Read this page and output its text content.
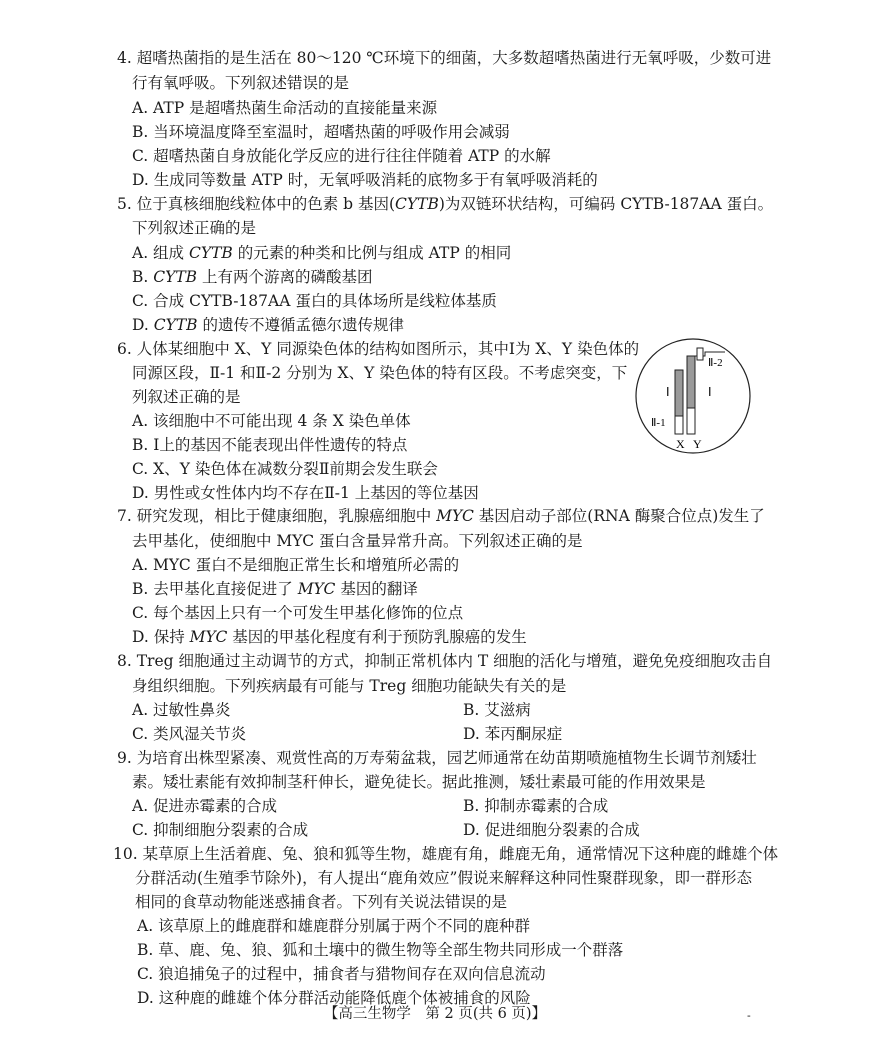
4. 超嗜热菌指的是生活在 80～120 ℃环境下的细菌，大多数超嗜热菌进行无氧呼吸，少数可进
行有氧呼吸。下列叙述错误的是
A. ATP 是超嗜热菌生命活动的直接能量来源
B. 当环境温度降至室温时，超嗜热菌的呼吸作用会减弱
C. 超嗜热菌自身放能化学反应的进行往往伴随着 ATP 的水解
D. 生成同等数量 ATP 时，无氧呼吸消耗的底物多于有氧呼吸消耗的
5. 位于真核细胞线粒体中的色素 b 基因(CYTB)为双链环状结构，可编码 CYTB-187AA 蛋白。
下列叙述正确的是
A. 组成 CYTB 的元素的种类和比例与组成 ATP 的相同
B. CYTB 上有两个游离的磷酸基团
C. 合成 CYTB-187AA 蛋白的具体场所是线粒体基质
D. CYTB 的遗传不遵循孟德尔遗传规律
6. 人体某细胞中 X、Y 同源染色体的结构如图所示，其中Ⅰ为 X、Y 染色体的
同源区段，Ⅱ-1 和Ⅱ-2 分别为 X、Y 染色体的特有区段。不考虑突变，下
列叙述正确的是
A. 该细胞中不可能出现 4 条 X 染色单体
B. Ⅰ上的基因不能表现出伴性遗传的特点
C. X、Y 染色体在减数分裂Ⅱ前期会发生联会
D. 男性或女性体内均不存在Ⅱ-1 上基因的等位基因
Ⅰ	Ⅰ
Ⅱ-1
Ⅱ-2
X Y
7. 研究发现，相比于健康细胞，乳腺癌细胞中 MYC 基因启动子部位(RNA 酶聚合位点)发生了
去甲基化，使细胞中 MYC 蛋白含量异常升高。下列叙述正确的是
A. MYC 蛋白不是细胞正常生长和增殖所必需的
B. 去甲基化直接促进了 MYC 基因的翻译
C. 每个基因上只有一个可发生甲基化修饰的位点
D. 保持 MYC 基因的甲基化程度有利于预防乳腺癌的发生
8. Treg 细胞通过主动调节的方式，抑制正常机体内 T 细胞的活化与增殖，避免免疫细胞攻击自
身组织细胞。下列疾病最有可能与 Treg 细胞功能缺失有关的是
A. 过敏性鼻炎	B. 艾滋病
C. 类风湿关节炎	D. 苯丙酮尿症
9. 为培育出株型紧凑、观赏性高的万寿菊盆栽，园艺师通常在幼苗期喷施植物生长调节剂矮壮
素。矮壮素能有效抑制茎秆伸长，避免徒长。据此推测，矮壮素最可能的作用效果是
A. 促进赤霉素的合成	B. 抑制赤霉素的合成
C. 抑制细胞分裂素的合成	D. 促进细胞分裂素的合成
10. 某草原上生活着鹿、兔、狼和狐等生物，雄鹿有角，雌鹿无角，通常情况下这种鹿的雌雄个体
分群活动(生殖季节除外)，有人提出“鹿角效应”假说来解释这种同性聚群现象，即一群形态
相同的食草动物能迷惑捕食者。下列有关说法错误的是
A. 该草原上的雌鹿群和雄鹿群分别属于两个不同的鹿种群
B. 草、鹿、兔、狼、狐和土壤中的微生物等全部生物共同形成一个群落
C. 狼追捕兔子的过程中，捕食者与猎物间存在双向信息流动
D. 这种鹿的雌雄个体分群活动能降低鹿个体被捕食的风险
【高三生物学　第 2 页(共 6 页)】	-
